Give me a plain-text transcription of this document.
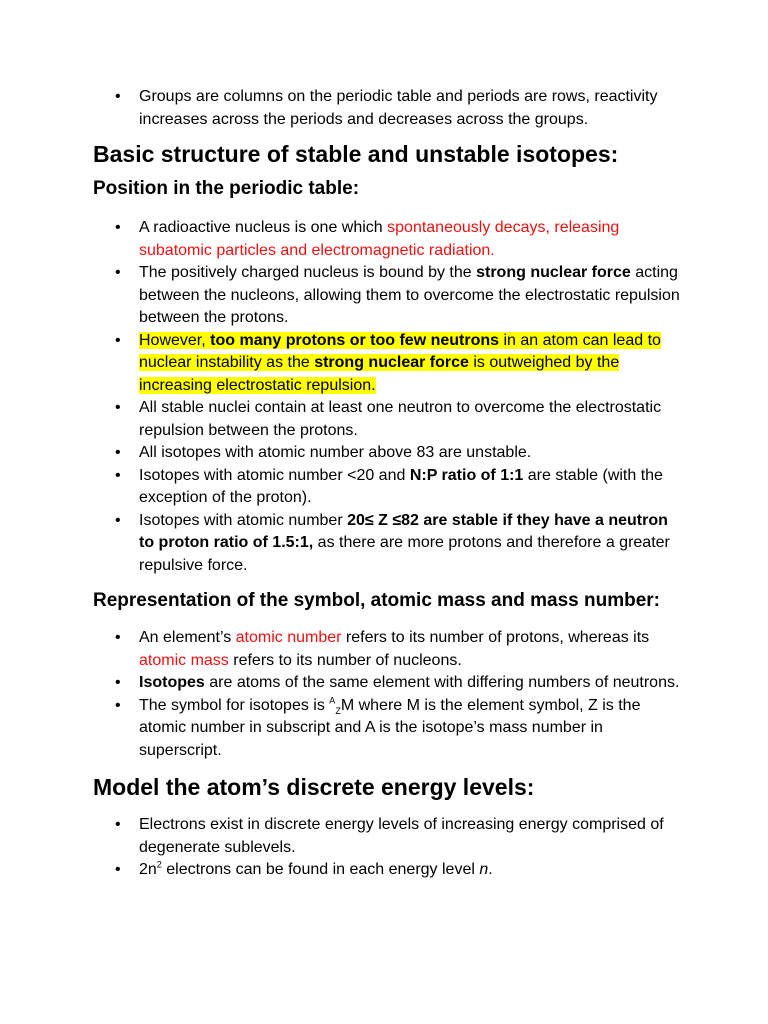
• Groups are columns on the periodic table and periods are rows, reactivity increases across the periods and decreases across the groups.
Basic structure of stable and unstable isotopes:
Position in the periodic table:
• A radioactive nucleus is one which spontaneously decays, releasing subatomic particles and electromagnetic radiation.
• The positively charged nucleus is bound by the strong nuclear force acting between the nucleons, allowing them to overcome the electrostatic repulsion between the protons.
• However, too many protons or too few neutrons in an atom can lead to nuclear instability as the strong nuclear force is outweighed by the increasing electrostatic repulsion.
• All stable nuclei contain at least one neutron to overcome the electrostatic repulsion between the protons.
• All isotopes with atomic number above 83 are unstable.
• Isotopes with atomic number <20 and N:P ratio of 1:1 are stable (with the exception of the proton).
• Isotopes with atomic number 20≤ Z ≤82 are stable if they have a neutron to proton ratio of 1.5:1, as there are more protons and therefore a greater repulsive force.
Representation of the symbol, atomic mass and mass number:
• An element’s atomic number refers to its number of protons, whereas its atomic mass refers to its number of nucleons.
• Isotopes are atoms of the same element with differing numbers of neutrons.
• The symbol for isotopes is $^A_Z$M where M is the element symbol, Z is the atomic number in subscript and A is the isotope’s mass number in superscript.
Model the atom’s discrete energy levels:
• Electrons exist in discrete energy levels of increasing energy comprised of degenerate sublevels.
• $2n^2$ electrons can be found in each energy level n.
